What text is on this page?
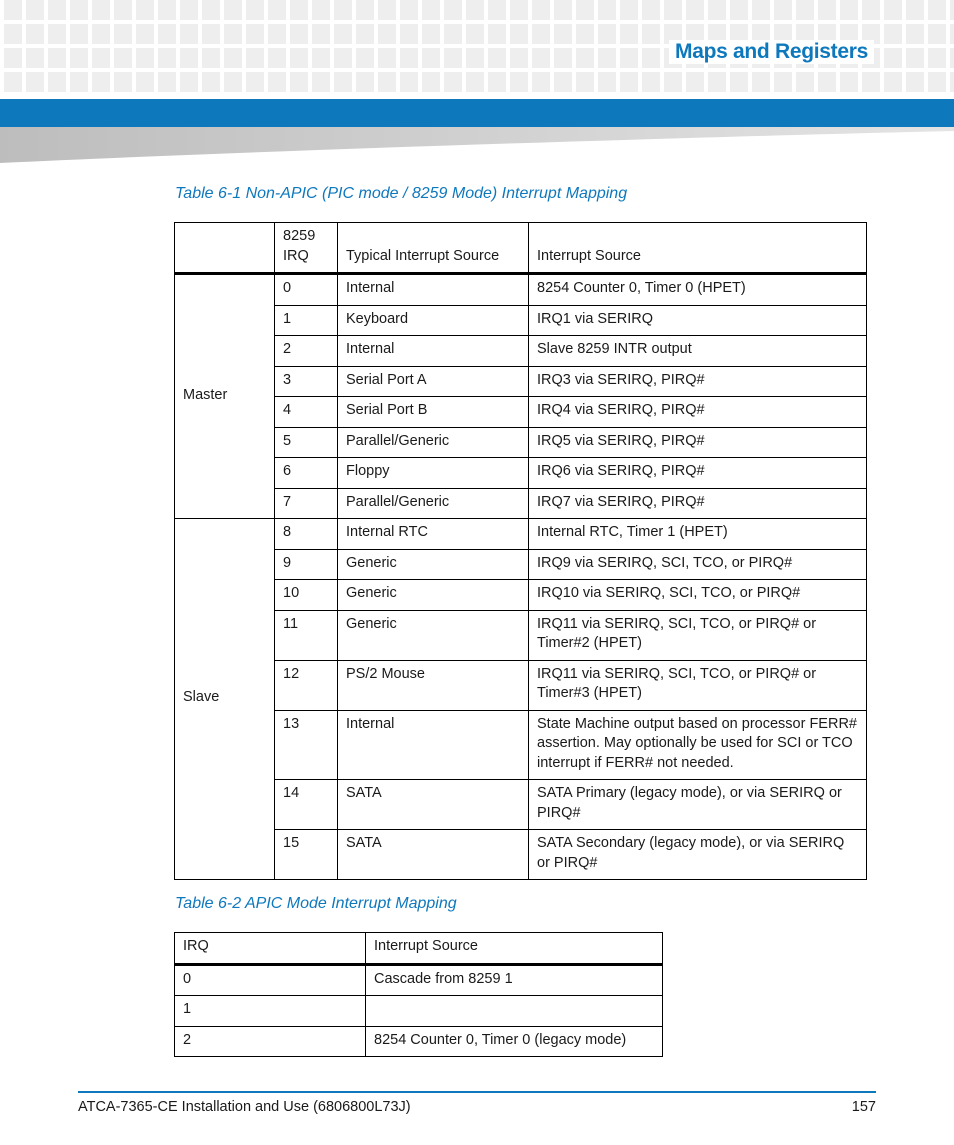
Maps and Registers
Table 6-1 Non-APIC (PIC mode / 8259 Mode) Interrupt Mapping
	8259 IRQ	Typical Interrupt Source	Interrupt Source
Master	0	Internal	8254 Counter 0, Timer 0 (HPET)
	1	Keyboard	IRQ1 via SERIRQ
	2	Internal	Slave 8259 INTR output
	3	Serial Port A	IRQ3 via SERIRQ, PIRQ#
	4	Serial Port B	IRQ4 via SERIRQ, PIRQ#
	5	Parallel/Generic	IRQ5 via SERIRQ, PIRQ#
	6	Floppy	IRQ6 via SERIRQ, PIRQ#
	7	Parallel/Generic	IRQ7 via SERIRQ, PIRQ#
Slave	8	Internal RTC	Internal RTC, Timer 1 (HPET)
	9	Generic	IRQ9 via SERIRQ, SCI, TCO, or PIRQ#
	10	Generic	IRQ10 via SERIRQ, SCI, TCO, or PIRQ#
	11	Generic	IRQ11 via SERIRQ, SCI, TCO, or PIRQ# or Timer#2 (HPET)
	12	PS/2 Mouse	IRQ11 via SERIRQ, SCI, TCO, or PIRQ# or Timer#3 (HPET)
	13	Internal	State Machine output based on processor FERR# assertion. May optionally be used for SCI or TCO interrupt if FERR# not needed.
	14	SATA	SATA Primary (legacy mode), or via SERIRQ or PIRQ#
	15	SATA	SATA Secondary (legacy mode), or via SERIRQ or PIRQ#
Table 6-2 APIC Mode Interrupt Mapping
IRQ	Interrupt Source
0	Cascade from 8259 1
1	
2	8254 Counter 0, Timer 0 (legacy mode)
ATCA-7365-CE Installation and Use (6806800L73J)	157
